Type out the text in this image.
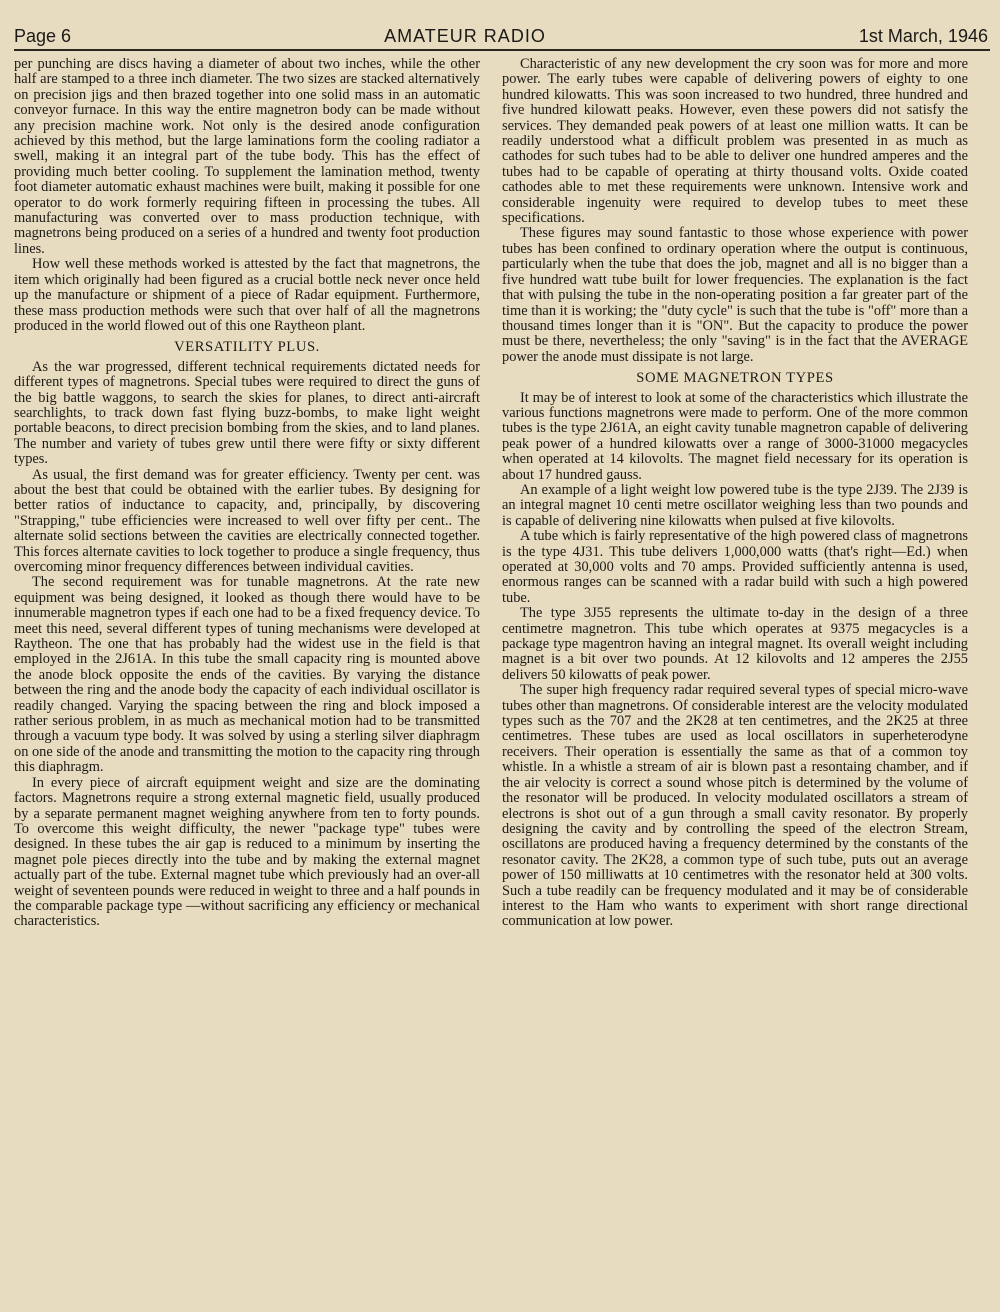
Page 6	AMATEUR RADIO	1st March, 1946

per punching are discs having a diameter of about two inches, while the other half are stamped to a three inch diameter. The two sizes are stacked alternatively on precision jigs and then brazed together into one solid mass in an automatic conveyor furnace. In this way the entire magnetron body can be made without any precision machine work. Not only is the desired anode configuration achieved by this method, but the large laminations form the cooling radiator a swell, making it an integral part of the tube body. This has the effect of providing much better cooling. To supplement the lamination method, twenty foot diameter automatic exhaust machines were built, making it possible for one operator to do work formerly requiring fifteen in processing the tubes. All manufacturing was converted over to mass production technique, with magnetrons being produced on a series of a hundred and twenty foot production lines.

How well these methods worked is attested by the fact that magnetrons, the item which originally had been figured as a crucial bottle neck never once held up the manufacture or shipment of a piece of Radar equipment. Furthermore, these mass production methods were such that over half of all the magnetrons produced in the world flowed out of this one Raytheon plant.

VERSATILITY PLUS.

As the war progressed, different technical requirements dictated needs for different types of magnetrons. Special tubes were required to direct the guns of the big battle waggons, to search the skies for planes, to direct anti-aircraft searchlights, to track down fast flying buzz-bombs, to make light weight portable beacons, to direct precision bombing from the skies, and to land planes. The number and variety of tubes grew until there were fifty or sixty different types.

As usual, the first demand was for greater efficiency. Twenty per cent. was about the best that could be obtained with the earlier tubes. By designing for better ratios of inductance to capacity, and, principally, by discovering "Strapping," tube efficiencies were increased to well over fifty per cent.. The alternate solid sections between the cavities are electrically connected together. This forces alternate cavities to lock together to produce a single frequency, thus overcoming minor frequency differences between individual cavities.

The second requirement was for tunable magnetrons. At the rate new equipment was being designed, it looked as though there would have to be innumerable magnetron types if each one had to be a fixed frequency device. To meet this need, several different types of tuning mechanisms were developed at Raytheon. The one that has probably had the widest use in the field is that employed in the 2J61A. In this tube the small capacity ring is mounted above the anode block opposite the ends of the cavities. By varying the distance between the ring and the anode body the capacity of each individual oscillator is readily changed. Varying the spacing between the ring and block imposed a rather serious problem, in as much as mechanical motion had to be transmitted through a vacuum type body. It was solved by using a sterling silver diaphragm on one side of the anode and transmitting the motion to the capacity ring through this diaphragm.

In every piece of aircraft equipment weight and size are the dominating factors. Magnetrons require a strong external magnetic field, usually produced by a separate permanent magnet weighing anywhere from ten to forty pounds. To overcome this weight difficulty, the newer "package type" tubes were designed. In these tubes the air gap is reduced to a minimum by inserting the magnet pole pieces directly into the tube and by making the external magnet actually part of the tube. External magnet tube which previously had an over-all weight of seventeen pounds were reduced in weight to three and a half pounds in the comparable package type —without sacrificing any efficiency or mechanical characteristics.

Characteristic of any new development the cry soon was for more and more power. The early tubes were capable of delivering powers of eighty to one hundred kilowatts. This was soon increased to two hundred, three hundred and five hundred kilowatt peaks. However, even these powers did not satisfy the services. They demanded peak powers of at least one million watts. It can be readily understood what a difficult problem was presented in as much as cathodes for such tubes had to be able to deliver one hundred amperes and the tubes had to be capable of operating at thirty thousand volts. Oxide coated cathodes able to met these requirements were unknown. Intensive work and considerable ingenuity were required to develop tubes to meet these specifications.

These figures may sound fantastic to those whose experience with power tubes has been confined to ordinary operation where the output is continuous, particularly when the tube that does the job, magnet and all is no bigger than a five hundred watt tube built for lower frequencies. The explanation is the fact that with pulsing the tube in the non-operating position a far greater part of the time than it is working; the "duty cycle" is such that the tube is "off" more than a thousand times longer than it is "ON". But the capacity to produce the power must be there, nevertheless; the only "saving" is in the fact that the AVERAGE power the anode must dissipate is not large.

SOME MAGNETRON TYPES

It may be of interest to look at some of the characteristics which illustrate the various functions magnetrons were made to perform. One of the more common tubes is the type 2J61A, an eight cavity tunable magnetron capable of delivering peak power of a hundred kilowatts over a range of 3000-31000 megacycles when operated at 14 kilovolts. The magnet field necessary for its operation is about 17 hundred gauss.

An example of a light weight low powered tube is the type 2J39. The 2J39 is an integral magnet 10 centi metre oscillator weighing less than two pounds and is capable of delivering nine kilowatts when pulsed at five kilovolts.

A tube which is fairly representative of the high powered class of magnetrons is the type 4J31. This tube delivers 1,000,000 watts (that's right—Ed.) when operated at 30,000 volts and 70 amps. Provided sufficiently antenna is used, enormous ranges can be scanned with a radar build with such a high powered tube.

The type 3J55 represents the ultimate to-day in the design of a three centimetre magnetron. This tube which operates at 9375 megacycles is a package type magentron having an integral magnet. Its overall weight including magnet is a bit over two pounds. At 12 kilovolts and 12 amperes the 2J55 delivers 50 kilowatts of peak power.

The super high frequency radar required several types of special micro-wave tubes other than magnetrons. Of considerable interest are the velocity modulated types such as the 707 and the 2K28 at ten centimetres, and the 2K25 at three centimetres. These tubes are used as local oscillators in superheterodyne receivers. Their operation is essentially the same as that of a common toy whistle. In a whistle a stream of air is blown past a resontaing chamber, and if the air velocity is correct a sound whose pitch is determined by the volume of the resonator will be produced. In velocity modulated oscillators a stream of electrons is shot out of a gun through a small cavity resonator. By properly designing the cavity and by controlling the speed of the electron Stream, oscillatons are produced having a frequency determined by the constants of the resonator cavity. The 2K28, a common type of such tube, puts out an average power of 150 milliwatts at 10 centimetres with the resonator held at 300 volts. Such a tube readily can be frequency modulated and it may be of considerable interest to the Ham who wants to experiment with short range directional communication at low power.
